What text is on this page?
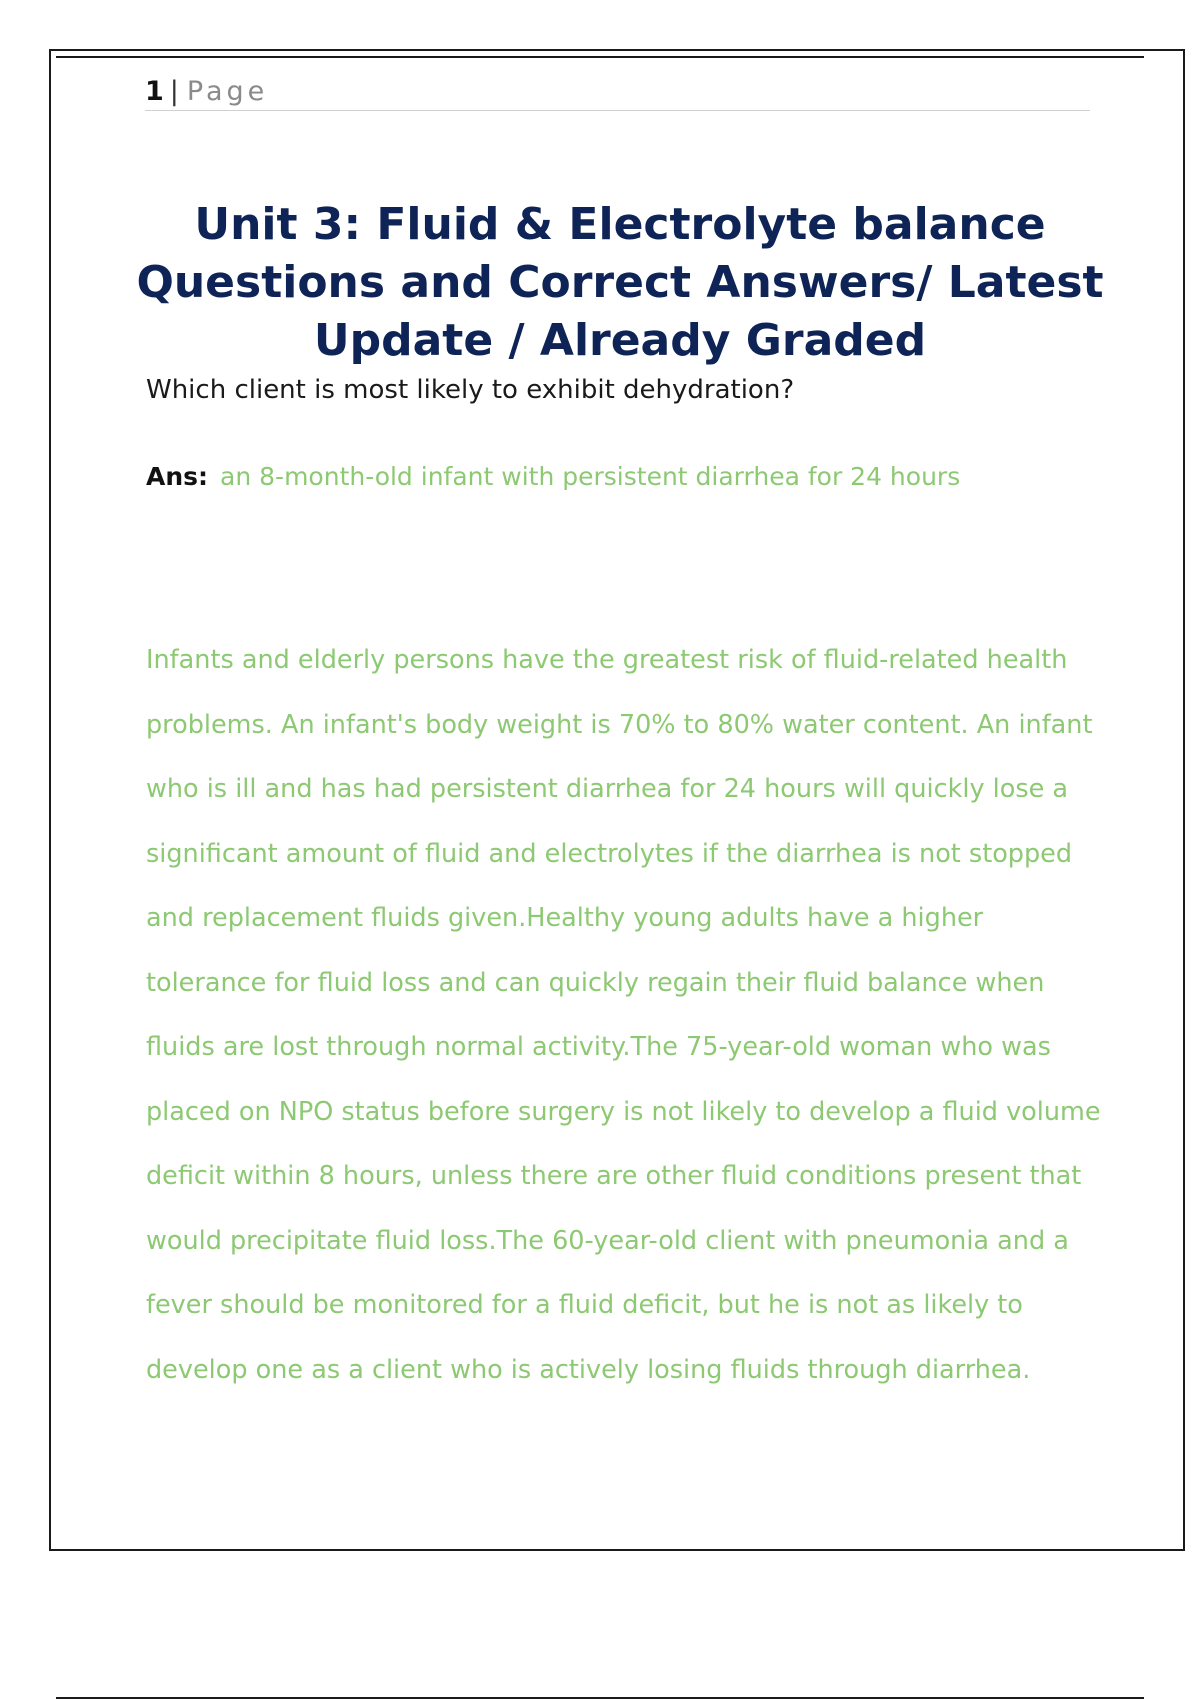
1 | Page
Unit 3: Fluid & Electrolyte balance Questions and Correct Answers/ Latest Update / Already Graded

Which client is most likely to exhibit dehydration?

Ans: an 8-month-old infant with persistent diarrhea for 24 hours

Infants and elderly persons have the greatest risk of fluid-related health problems. An infant's body weight is 70% to 80% water content. An infant who is ill and has had persistent diarrhea for 24 hours will quickly lose a significant amount of fluid and electrolytes if the diarrhea is not stopped and replacement fluids given.Healthy young adults have a higher tolerance for fluid loss and can quickly regain their fluid balance when fluids are lost through normal activity.The 75-year-old woman who was placed on NPO status before surgery is not likely to develop a fluid volume deficit within 8 hours, unless there are other fluid conditions present that would precipitate fluid loss.The 60-year-old client with pneumonia and a fever should be monitored for a fluid deficit, but he is not as likely to develop one as a client who is actively losing fluids through diarrhea.
